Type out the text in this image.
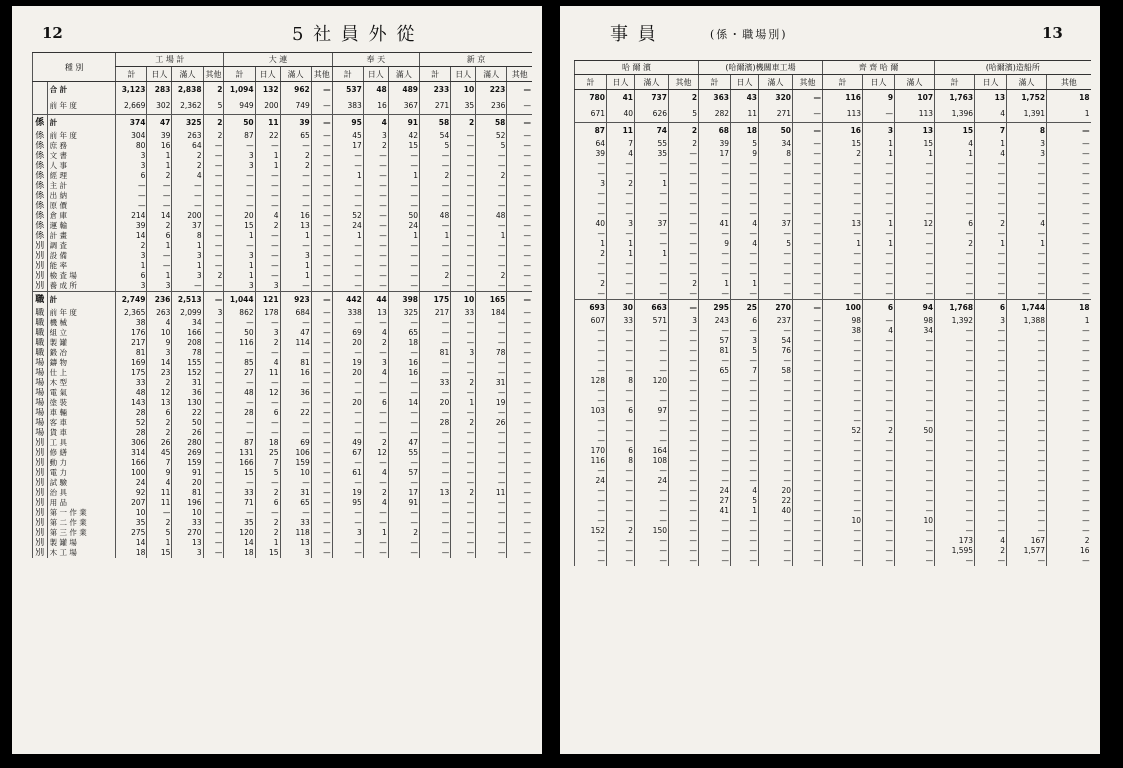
12	5 社 員 外 從
種 別		工 場 計				大 連				奉 天			新 京			
		計	日人	滿人	其他	計	日人	滿人	其他	計	日人	滿人	計	日人	滿人	其他
	合 計	3,123	283	2,838	2	1,094	132	962	—	537	48	489	233	10	223	—
	前 年 度	2,669	302	2,362	5	949	200	749	—	383	16	367	271	35	236	—
係	計	374	47	325	2	50	11	39	—	95	4	91	58	2	58	—
係	前 年 度	304	39	263	2	87	22	65	—	45	3	42	54	—	52	—
係	庶 務	80	16	64	—	—	—	—	—	17	2	15	5	—	5	—
係	文 書	3	1	2	—	3	1	2	—	—	—	—	—	—	—	—
係	人 事	3	1	2	—	3	1	2	—	—	—	—	—	—	—	—
係	經 理	6	2	4	—	—	—	—	—	1	—	1	2	—	2	—
係	主 計	—	—	—	—	—	—	—	—	—	—	—	—	—	—	—
係	出 納	—	—	—	—	—	—	—	—	—	—	—	—	—	—	—
係	原 價	—	—	—	—	—	—	—	—	—	—	—	—	—	—	—
係	倉 庫	214	14	200	—	20	4	16	—	52	—	50	48	—	48	—
係	運 輸	39	2	37	—	15	2	13	—	24	—	24	—	—	—	—
係	計 畫	14	6	8	—	1	—	1	—	1	—	1	1	—	1	—
別	調 査	2	1	1	—	—	—	—	—	—	—	—	—	—	—	—
別	設 備	3	—	3	—	3	—	3	—	—	—	—	—	—	—	—
別	能 率	1	—	1	—	1	—	1	—	—	—	—	—	—	—	—
別	檢 査 場	6	1	3	2	1	—	1	—	—	—	—	2	—	2	—
別	養 成 所	3	3	—	—	3	3	—	—	—	—	—	—	—	—	—
職	計	2,749	236	2,513	—	1,044	121	923	—	442	44	398	175	10	165	—
職	前 年 度	2,365	263	2,099	3	862	178	684	—	338	13	325	217	33	184	—
職	機 械	38	4	34	—	—	—	—	—	—	—	—	—	—	—	—
職	組 立	176	10	166	—	50	3	47	—	69	4	65	—	—	—	—
職	製 罐	217	9	208	—	116	2	114	—	20	2	18	—	—	—	—
職	鍛 冶	81	3	78	—	—	—	—	—	—	—	—	81	3	78	—
場	鑄 物	169	14	155	—	85	4	81	—	19	3	16	—	—	—	—
場	仕 上	175	23	152	—	27	11	16	—	20	4	16	—	—	—	—
場	木 型	33	2	31	—	—	—	—	—	—	—	—	33	2	31	—
場	電 氣	48	12	36	—	48	12	36	—	—	—	—	—	—	—	—
場	塗 裝	143	13	130	—	—	—	—	—	20	6	14	20	1	19	—
場	車 輛	28	6	22	—	28	6	22	—	—	—	—	—	—	—	—
場	客 車	52	2	50	—	—	—	—	—	—	—	—	28	2	26	—
場	貨 車	28	2	26	—	—	—	—	—	—	—	—	—	—	—	—
別	工 具	306	26	280	—	87	18	69	—	49	2	47	—	—	—	—
別	修 繕	314	45	269	—	131	25	106	—	67	12	55	—	—	—	—
別	動 力	166	7	159	—	166	7	159	—	—	—	—	—	—	—	—
別	電 力	100	9	91	—	15	5	10	—	61	4	57	—	—	—	—
別	試 驗	24	4	20	—	—	—	—	—	—	—	—	—	—	—	—
別	治 具	92	11	81	—	33	2	31	—	19	2	17	13	2	11	—
別	用 品	207	11	196	—	71	6	65	—	95	4	91	—	—	—	—
別	第 一 作 業	10	—	10	—	—	—	—	—	—	—	—	—	—	—	—
別	第 二 作 業	35	2	33	—	35	2	33	—	—	—	—	—	—	—	—
別	第 三 作 業	275	5	270	—	120	2	118	—	3	1	2	—	—	—	—
別	製 罐 場	14	1	13	—	14	1	13	—	—	—	—	—	—	—	—
別	木 工 場	18	15	3	—	18	15	3	—	—	—	—	—	—	—	—
事 員	(係・職場別)	13
哈 爾 濱				(哈爾濱)機關車工場				齊 齊 哈 爾			(哈爾濱)造船所			
計	日人	滿人	其他	計	日人	滿人	其他	計	日人	滿人	計	日人	滿人	其他
780	41	737	2	363	43	320	—	116	9	107	1,763	13	1,752	18
671	40	626	5	282	11	271	—	113	—	113	1,396	4	1,391	1
87	11	74	2	68	18	50	—	16	3	13	15	7	8	—
64	7	55	2	39	5	34	—	15	1	15	4	1	3	—
39	4	35	—	17	9	8	—	2	1	1	1	4	3	—
—	—	—	—	—	—	—	—	—	—	—	—	—	—	—
—	—	—	—	—	—	—	—	—	—	—	—	—	—	—
3	2	1	—	—	—	—	—	—	—	—	—	—	—	—
—	—	—	—	—	—	—	—	—	—	—	—	—	—	—
—	—	—	—	—	—	—	—	—	—	—	—	—	—	—
—	—	—	—	—	—	—	—	—	—	—	—	—	—	—
40	3	37	—	41	4	37	—	13	1	12	6	2	4	—
—	—	—	—	—	—	—	—	—	—	—	—	—	—	—
1	1	—	—	9	4	5	—	1	1	—	2	1	1	—
2	1	1	—	—	—	—	—	—	—	—	—	—	—	—
—	—	—	—	—	—	—	—	—	—	—	—	—	—	—
—	—	—	—	—	—	—	—	—	—	—	—	—	—	—
2	—	—	2	1	1	—	—	—	—	—	—	—	—	—
—	—	—	—	—	—	—	—	—	—	—	—	—	—	—
693	30	663	—	295	25	270	—	100	6	94	1,768	6	1,744	18
607	33	571	3	243	6	237	—	98	—	98	1,392	3	1,388	1
—	—	—	—	—	—	—	—	38	4	34	—	—	—	—
—	—	—	—	57	3	54	—	—	—	—	—	—	—	—
—	—	—	—	81	5	76	—	—	—	—	—	—	—	—
—	—	—	—	—	—	—	—	—	—	—	—	—	—	—
—	—	—	—	65	7	58	—	—	—	—	—	—	—	—
128	8	120	—	—	—	—	—	—	—	—	—	—	—	—
—	—	—	—	—	—	—	—	—	—	—	—	—	—	—
—	—	—	—	—	—	—	—	—	—	—	—	—	—	—
103	6	97	—	—	—	—	—	—	—	—	—	—	—	—
—	—	—	—	—	—	—	—	—	—	—	—	—	—	—
—	—	—	—	—	—	—	—	52	2	50	—	—	—	—
—	—	—	—	—	—	—	—	—	—	—	—	—	—	—
170	6	164	—	—	—	—	—	—	—	—	—	—	—	—
116	8	108	—	—	—	—	—	—	—	—	—	—	—	—
—	—	—	—	—	—	—	—	—	—	—	—	—	—	—
24	—	24	—	—	—	—	—	—	—	—	—	—	—	—
—	—	—	—	24	4	20	—	—	—	—	—	—	—	—
—	—	—	—	27	5	22	—	—	—	—	—	—	—	—
—	—	—	—	41	1	40	—	—	—	—	—	—	—	—
—	—	—	—	—	—	—	—	10	—	10	—	—	—	—
152	2	150	—	—	—	—	—	—	—	—	—	—	—	—
—	—	—	—	—	—	—	—	—	—	—	173	4	167	2
—	—	—	—	—	—	—	—	—	—	—	1,595	2	1,577	16
—	—	—	—	—	—	—	—	—	—	—	—	—	—	—
